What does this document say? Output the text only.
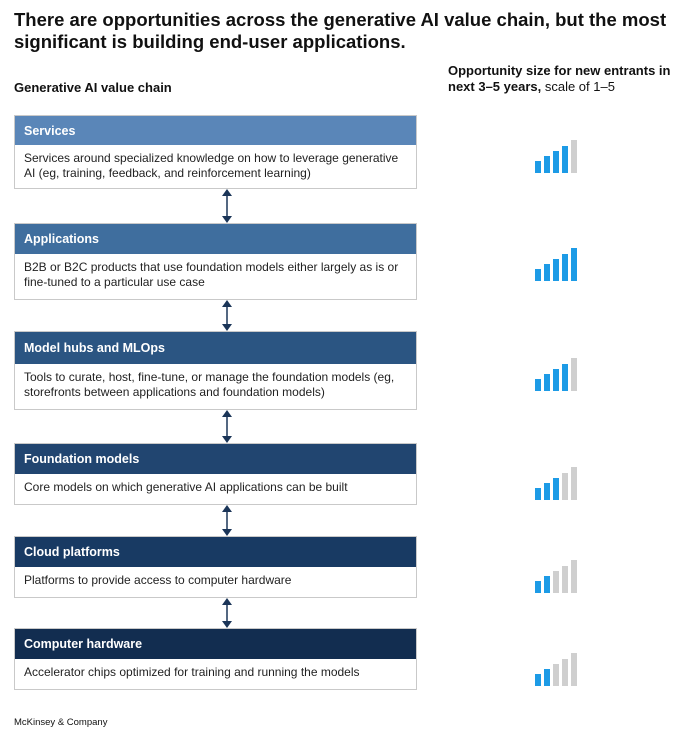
There are opportunities across the generative AI value chain, but the most significant is building end-user applications.
Generative AI value chain
Opportunity size for new entrants in next 3–5 years, scale of 1–5
Services
Services around specialized knowledge on how to leverage generative AI (eg, training, feedback, and reinforcement learning)
Applications
B2B or B2C products that use foundation models either largely as is or fine-tuned to a particular use case
Model hubs and MLOps
Tools to curate, host, fine-tune, or manage the foundation models (eg, storefronts between applications and foundation models)
Foundation models
Core models on which generative AI applications can be built
Cloud platforms
Platforms to provide access to computer hardware
Computer hardware
Accelerator chips optimized for training and running the models
McKinsey & Company
